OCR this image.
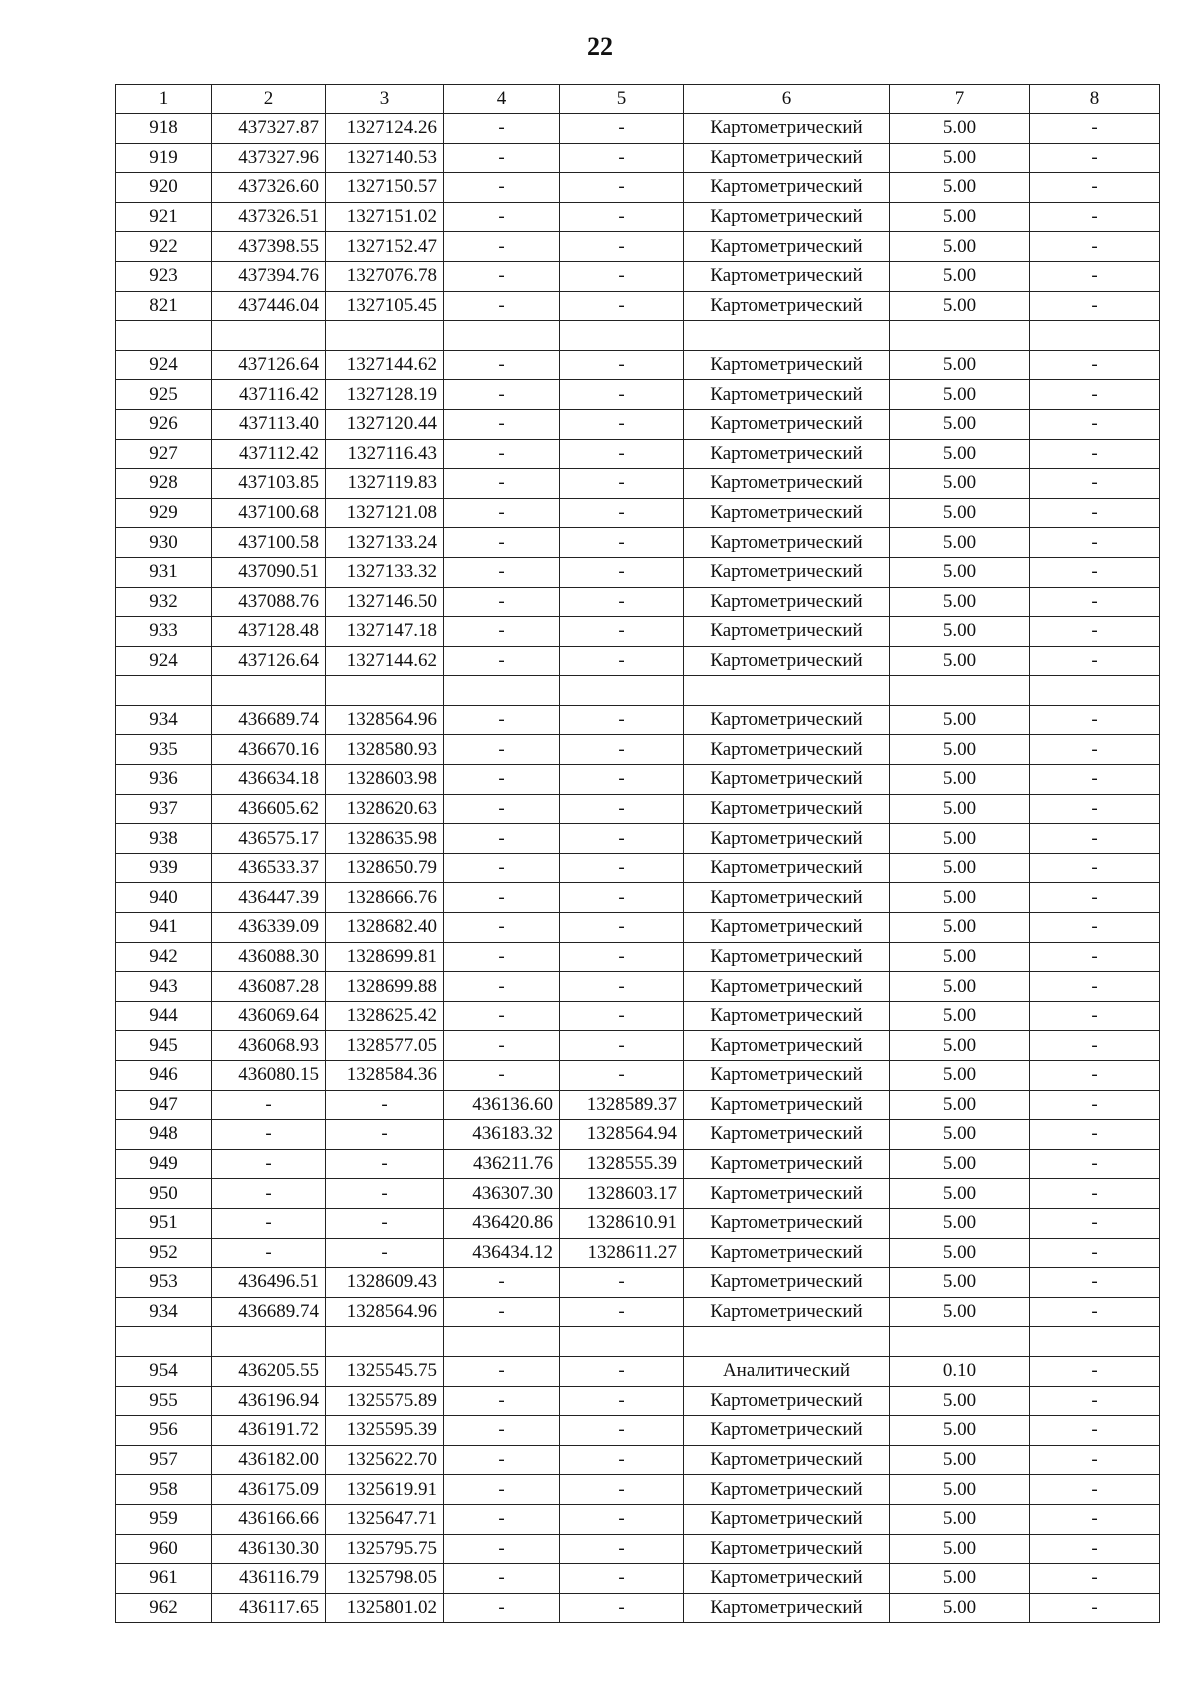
22
1	2	3	4	5	6	7	8
918	437327.87	1327124.26	-	-	Картометрический	5.00	-
919	437327.96	1327140.53	-	-	Картометрический	5.00	-
920	437326.60	1327150.57	-	-	Картометрический	5.00	-
921	437326.51	1327151.02	-	-	Картометрический	5.00	-
922	437398.55	1327152.47	-	-	Картометрический	5.00	-
923	437394.76	1327076.78	-	-	Картометрический	5.00	-
821	437446.04	1327105.45	-	-	Картометрический	5.00	-

924	437126.64	1327144.62	-	-	Картометрический	5.00	-
925	437116.42	1327128.19	-	-	Картометрический	5.00	-
926	437113.40	1327120.44	-	-	Картометрический	5.00	-
927	437112.42	1327116.43	-	-	Картометрический	5.00	-
928	437103.85	1327119.83	-	-	Картометрический	5.00	-
929	437100.68	1327121.08	-	-	Картометрический	5.00	-
930	437100.58	1327133.24	-	-	Картометрический	5.00	-
931	437090.51	1327133.32	-	-	Картометрический	5.00	-
932	437088.76	1327146.50	-	-	Картометрический	5.00	-
933	437128.48	1327147.18	-	-	Картометрический	5.00	-
924	437126.64	1327144.62	-	-	Картометрический	5.00	-

934	436689.74	1328564.96	-	-	Картометрический	5.00	-
935	436670.16	1328580.93	-	-	Картометрический	5.00	-
936	436634.18	1328603.98	-	-	Картометрический	5.00	-
937	436605.62	1328620.63	-	-	Картометрический	5.00	-
938	436575.17	1328635.98	-	-	Картометрический	5.00	-
939	436533.37	1328650.79	-	-	Картометрический	5.00	-
940	436447.39	1328666.76	-	-	Картометрический	5.00	-
941	436339.09	1328682.40	-	-	Картометрический	5.00	-
942	436088.30	1328699.81	-	-	Картометрический	5.00	-
943	436087.28	1328699.88	-	-	Картометрический	5.00	-
944	436069.64	1328625.42	-	-	Картометрический	5.00	-
945	436068.93	1328577.05	-	-	Картометрический	5.00	-
946	436080.15	1328584.36	-	-	Картометрический	5.00	-
947	-	-	436136.60	1328589.37	Картометрический	5.00	-
948	-	-	436183.32	1328564.94	Картометрический	5.00	-
949	-	-	436211.76	1328555.39	Картометрический	5.00	-
950	-	-	436307.30	1328603.17	Картометрический	5.00	-
951	-	-	436420.86	1328610.91	Картометрический	5.00	-
952	-	-	436434.12	1328611.27	Картометрический	5.00	-
953	436496.51	1328609.43	-	-	Картометрический	5.00	-
934	436689.74	1328564.96	-	-	Картометрический	5.00	-

954	436205.55	1325545.75	-	-	Аналитический	0.10	-
955	436196.94	1325575.89	-	-	Картометрический	5.00	-
956	436191.72	1325595.39	-	-	Картометрический	5.00	-
957	436182.00	1325622.70	-	-	Картометрический	5.00	-
958	436175.09	1325619.91	-	-	Картометрический	5.00	-
959	436166.66	1325647.71	-	-	Картометрический	5.00	-
960	436130.30	1325795.75	-	-	Картометрический	5.00	-
961	436116.79	1325798.05	-	-	Картометрический	5.00	-
962	436117.65	1325801.02	-	-	Картометрический	5.00	-
